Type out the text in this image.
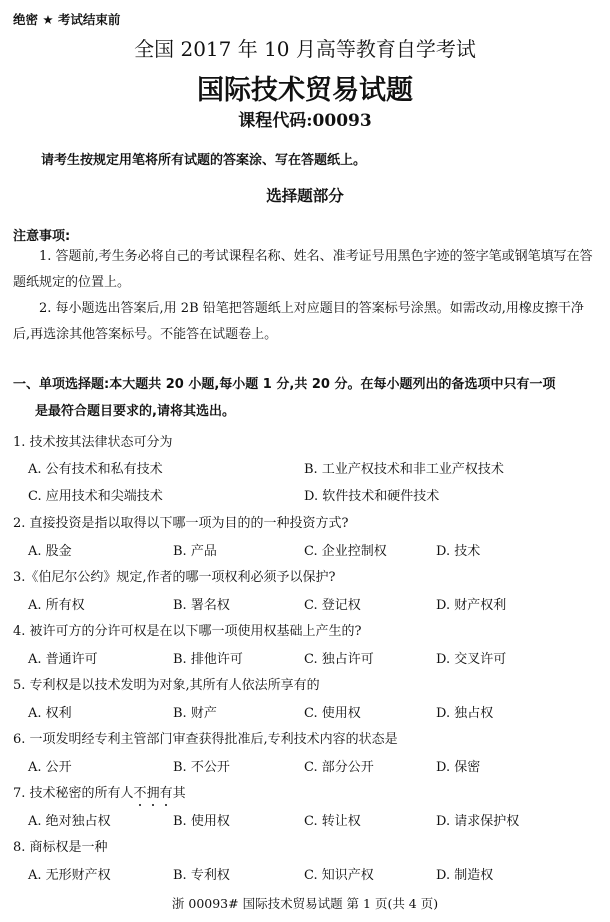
绝密 ★ 考试结束前
全国 2017 年 10 月高等教育自学考试
国际技术贸易试题
课程代码:00093
请考生按规定用笔将所有试题的答案涂、写在答题纸上。
选择题部分
注意事项:

1. 答题前,考生务必将自己的考试课程名称、姓名、准考证号用黑色字迹的签字笔或钢笔填写在答题纸规定的位置上。

2. 每小题选出答案后,用 2B 铅笔把答题纸上对应题目的答案标号涂黑。如需改动,用橡皮擦干净后,再选涂其他答案标号。不能答在试题卷上。

一、单项选择题:本大题共 20 小题,每小题 1 分,共 20 分。在每小题列出的备选项中只有一项
是最符合题目要求的,请将其选出。
1. 技术按其法律状态可分为
A. 公有技术和私有技术	B. 工业产权技术和非工业产权技术
C. 应用技术和尖端技术	D. 软件技术和硬件技术
2. 直接投资是指以取得以下哪一项为目的的一种投资方式?
A. 股金	B. 产品	C. 企业控制权	D. 技术
3.《伯尼尔公约》规定,作者的哪一项权利必须予以保护?
A. 所有权	B. 署名权	C. 登记权	D. 财产权利
4. 被许可方的分许可权是在以下哪一项使用权基础上产生的?
A. 普通许可	B. 排他许可	C. 独占许可	D. 交叉许可
5. 专利权是以技术发明为对象,其所有人依法所享有的
A. 权利	B. 财产	C. 使用权	D. 独占权
6. 一项发明经专利主管部门审查获得批准后,专利技术内容的状态是
A. 公开	B. 不公开	C. 部分公开	D. 保密
7. 技术秘密的所有人不拥有其
A. 绝对独占权	B. 使用权	C. 转让权	D. 请求保护权
8. 商标权是一种
A. 无形财产权	B. 专利权	C. 知识产权	D. 制造权
浙 00093# 国际技术贸易试题 第 1 页(共 4 页)
